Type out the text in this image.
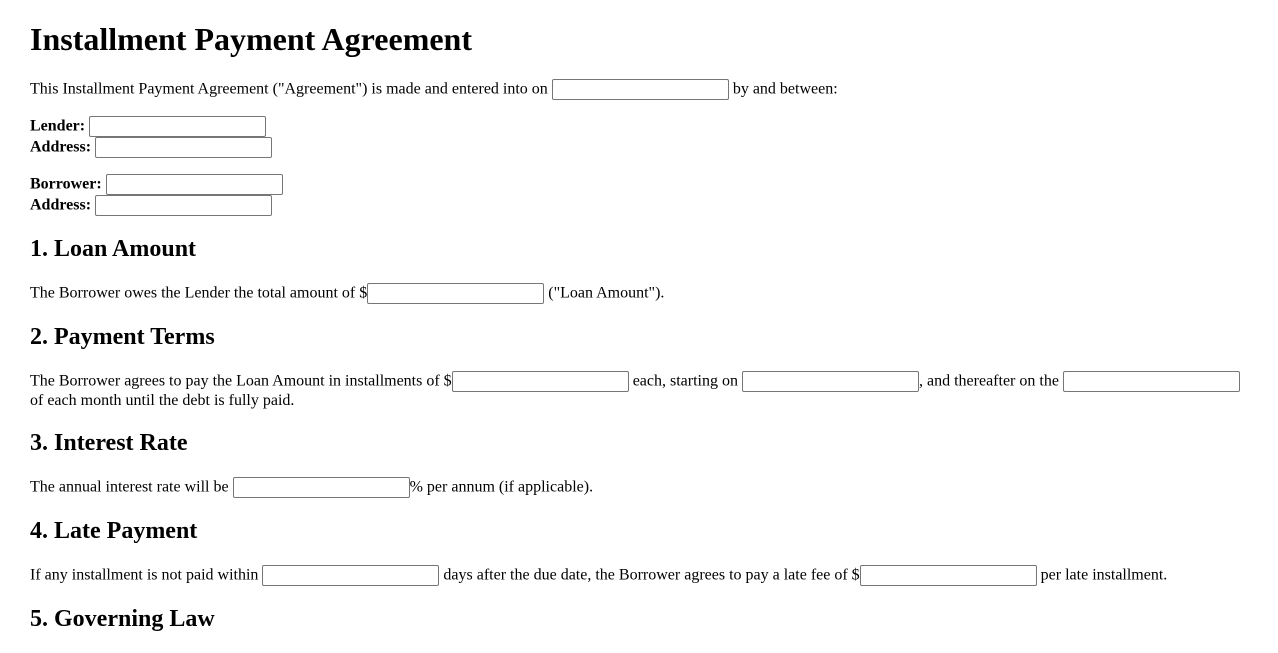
Installment Payment Agreement

This Installment Payment Agreement ("Agreement") is made and entered into on	by and between:

Lender:
Address:

Borrower:
Address:

1. Loan Amount

The Borrower owes the Lender the total amount of $	("Loan Amount").

2. Payment Terms

The Borrower agrees to pay the Loan Amount in installments of $	each, starting on	, and thereafter on the  of each month until the debt is fully paid.

3. Interest Rate

The annual interest rate will be	% per annum (if applicable).

4. Late Payment

If any installment is not paid within	days after the due date, the Borrower agrees to pay a late fee of $	per late installment.

5. Governing Law
